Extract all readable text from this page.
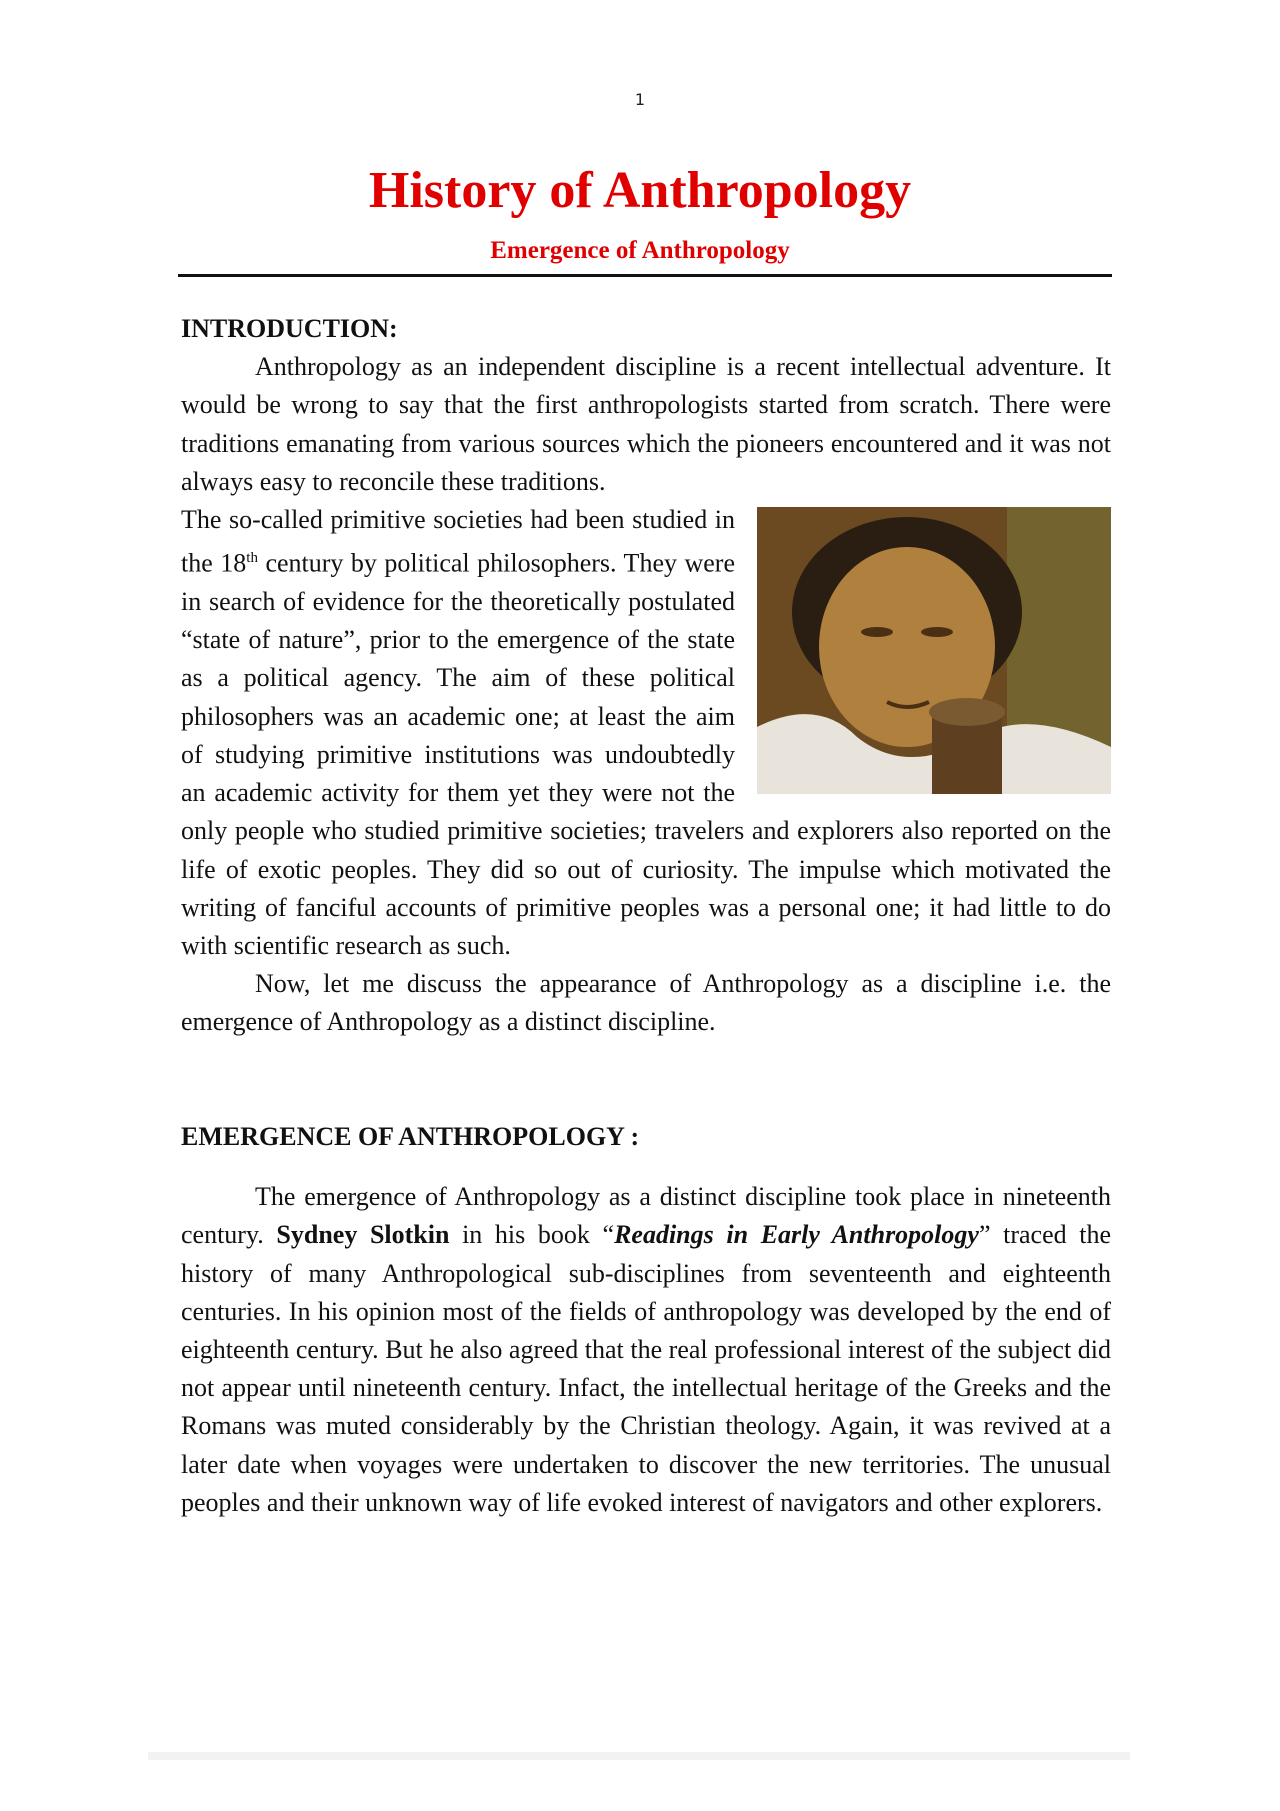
1
History of Anthropology
Emergence of Anthropology
INTRODUCTION:

Anthropology as an independent discipline is a recent intellectual adventure. It would be wrong to say that the first anthropologists started from scratch. There were traditions emanating from various sources which the pioneers encountered and it was not always easy to reconcile these traditions.

The so-called primitive societies had been studied in the 18th century by political philosophers. They were in search of evidence for the theoretically postulated “state of nature”, prior to the emergence of the state as a political agency. The aim of these political philosophers was an academic one; at least the aim of studying primitive institutions was undoubtedly an academic activity for them yet they were not the only people who studied primitive societies; travelers and explorers also reported on the life of exotic peoples. They did so out of curiosity. The impulse which motivated the writing of fanciful accounts of primitive peoples was a personal one; it had little to do with scientific research as such.

Now, let me discuss the appearance of Anthropology as a discipline i.e. the emergence of Anthropology as a distinct discipline.

EMERGENCE OF ANTHROPOLOGY :

The emergence of Anthropology as a distinct discipline took place in nineteenth century. Sydney Slotkin in his book “Readings in Early Anthropology” traced the history of many Anthropological sub-disciplines from seventeenth and eighteenth centuries. In his opinion most of the fields of anthropology was developed by the end of eighteenth century. But he also agreed that the real professional interest of the subject did not appear until nineteenth century. Infact, the intellectual heritage of the Greeks and the Romans was muted considerably by the Christian theology. Again, it was revived at a later date when voyages were undertaken to discover the new territories. The unusual peoples and their unknown way of life evoked interest of navigators and other explorers.
